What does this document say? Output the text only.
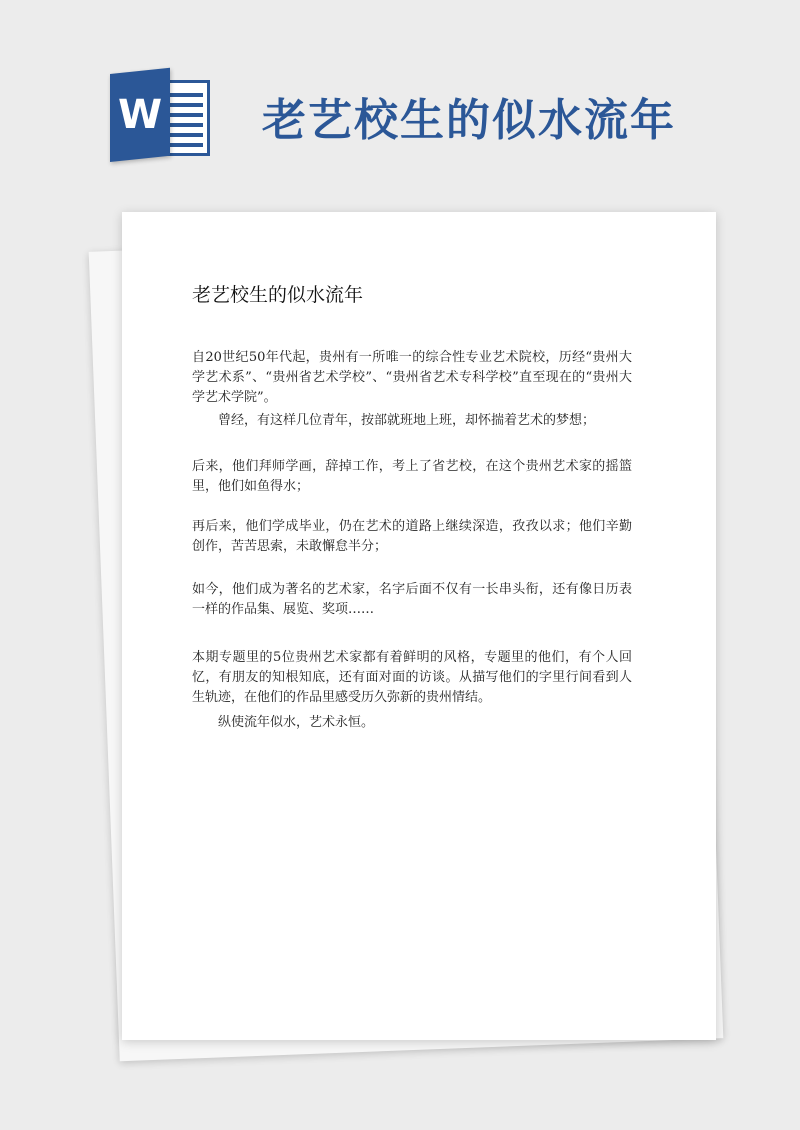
W 老艺校生的似水流年
老艺校生的似水流年

自20世纪50年代起，贵州有一所唯一的综合性专业艺术院校，历经“贵州大学艺术系”、“贵州省艺术学校”、“贵州省艺术专科学校”直至现在的“贵州大学艺术学院”。

曾经，有这样几位青年，按部就班地上班，却怀揣着艺术的梦想；

后来，他们拜师学画，辞掉工作，考上了省艺校，在这个贵州艺术家的摇篮里，他们如鱼得水；

再后来，他们学成毕业，仍在艺术的道路上继续深造，孜孜以求；他们辛勤创作，苦苦思索，未敢懈怠半分；

如今，他们成为著名的艺术家，名字后面不仅有一长串头衔，还有像日历表一样的作品集、展览、奖项……

本期专题里的5位贵州艺术家都有着鲜明的风格，专题里的他们，有个人回忆，有朋友的知根知底，还有面对面的访谈。从描写他们的字里行间看到人生轨迹，在他们的作品里感受历久弥新的贵州情结。

纵使流年似水，艺术永恒。
